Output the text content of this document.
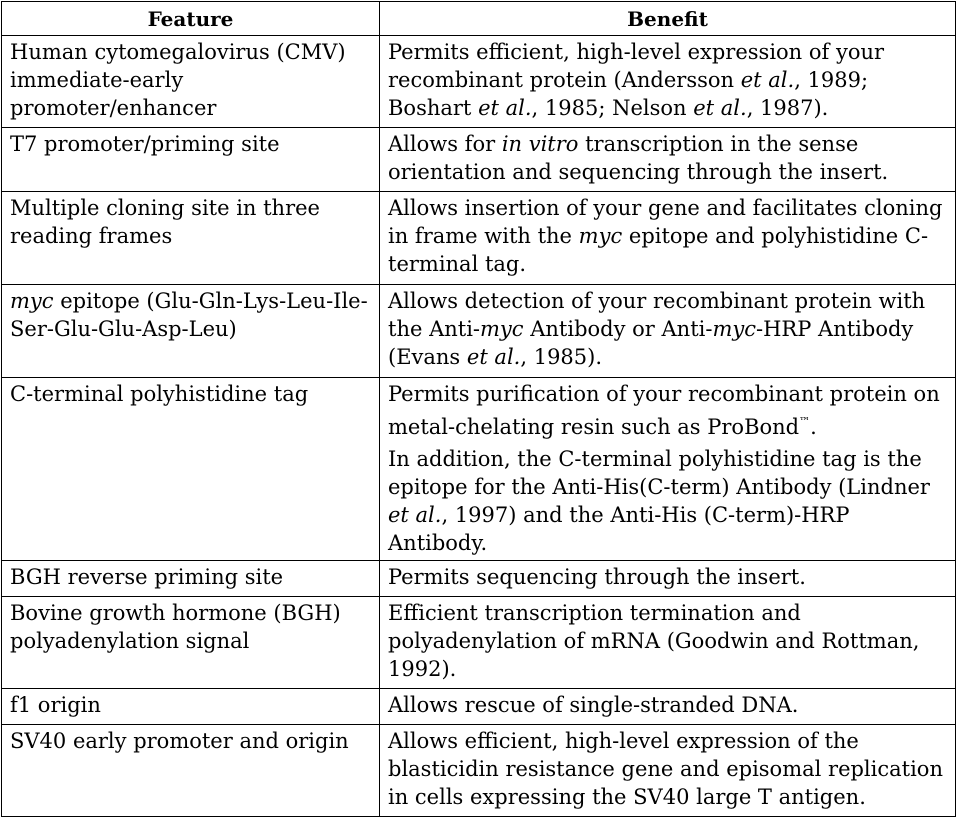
Feature	Benefit
Human cytomegalovirus (CMV) immediate-early promoter/enhancer	Permits efficient, high-level expression of your recombinant protein (Andersson et al., 1989; Boshart et al., 1985; Nelson et al., 1987).

T7 promoter/priming site	Allows for in vitro transcription in the sense orientation and sequencing through the insert.

Multiple cloning site in three reading frames	Allows insertion of your gene and facilitates cloning in frame with the myc epitope and polyhistidine C-terminal tag.

myc epitope (Glu-Gln-Lys-Leu-Ile-Ser-Glu-Glu-Asp-Leu)	Allows detection of your recombinant protein with the Anti-myc Antibody or Anti-myc-HRP Antibody (Evans et al., 1985).

C-terminal polyhistidine tag	Permits purification of your recombinant protein on metal-chelating resin such as ProBond™.
In addition, the C-terminal polyhistidine tag is the epitope for the Anti-His(C-term) Antibody (Lindner et al., 1997) and the Anti-His (C-term)-HRP Antibody.

BGH reverse priming site	Permits sequencing through the insert.

Bovine growth hormone (BGH) polyadenylation signal	Efficient transcription termination and polyadenylation of mRNA (Goodwin and Rottman, 1992).

f1 origin	Allows rescue of single-stranded DNA.

SV40 early promoter and origin	Allows efficient, high-level expression of the blasticidin resistance gene and episomal replication in cells expressing the SV40 large T antigen.
